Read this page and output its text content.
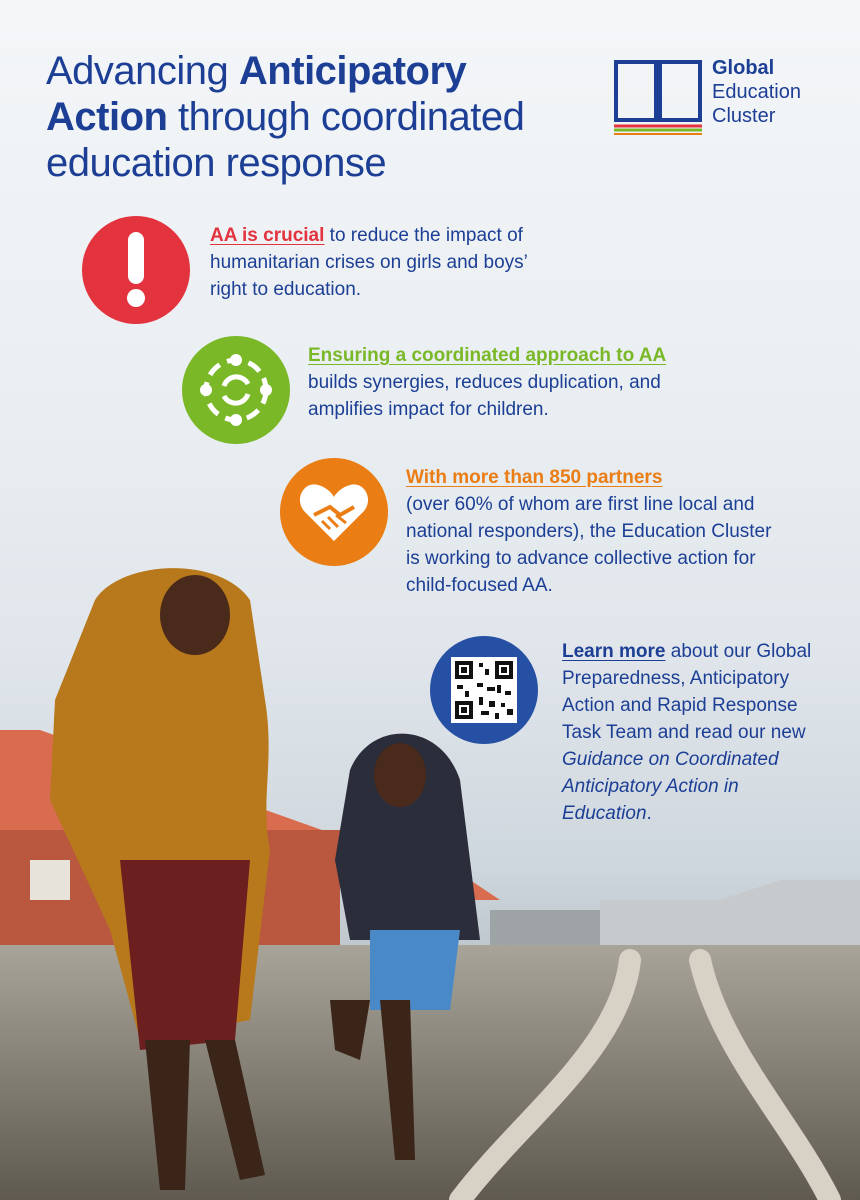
Advancing Anticipatory
Action through coordinated
education response
Global
Education
Cluster
AA is crucial to reduce the impact of humanitarian crises on girls and boys’ right to education.
Ensuring a coordinated approach to AA
builds synergies, reduces duplication, and amplifies impact for children.
With more than 850 partners
(over 60% of whom are first line local and national responders), the Education Cluster is working to advance collective action for child-focused AA.
Learn more about our Global Preparedness, Anticipatory Action and Rapid Response Task Team and read our new Guidance on Coordinated Anticipatory Action in Education.
